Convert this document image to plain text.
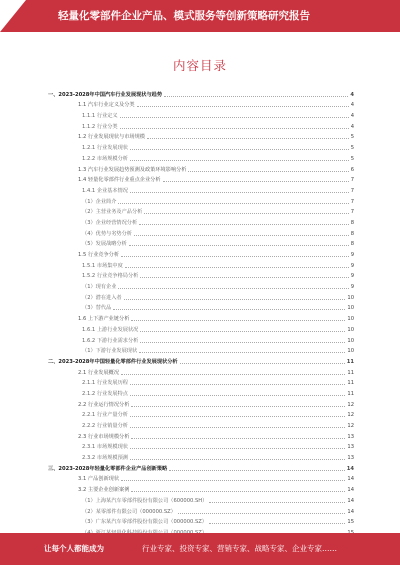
轻量化零部件企业产品、模式服务等创新策略研究报告
内容目录
一、2023-2028年中国汽车行业发展现状与趋势	4
1.1 汽车行业定义及分类	4
1.1.1 行业定义	4
1.1.2 行业分类	4
1.2 行业发展现状与市场规模	5
1.2.1 行业发展现状	5
1.2.2 市场规模分析	5
1.3 汽车行业发展趋势预测及政策环境影响分析	6
1.4 轻量化零部件行业重点企业分析	7
1.4.1 企业基本情况	7
（1）企业简介	7
（2）主营业务及产品分析	7
（3）企业经营情况分析	8
（4）优势与劣势分析	8
（5）发展战略分析	8
1.5 行业竞争分析	9
1.5.1 市场集中度	9
1.5.2 行业竞争格局分析	9
（1）现有企业	9
（2）潜在进入者	10
（3）替代品	10
1.6 上下游产业链分析	10
1.6.1 上游行业发展状况	10
1.6.2 下游行业需求分析	10
（1）下游行业发展现状	10
二、2023-2028年中国轻量化零部件行业发展现状分析	11
2.1 行业发展概况	11
2.1.1 行业发展历程	11
2.1.2 行业发展特点	11
2.2 行业运行情况分析	12
2.2.1 行业产量分析	12
2.2.2 行业销量分析	12
2.3 行业市场规模分析	13
2.3.1 市场规模现状	13
2.3.2 市场规模预测	13
三、2023-2028年轻量化零部件企业产品创新策略	14
3.1 产品创新现状	14
3.2 主要企业创新案例	14
（1）上海某汽车零部件股份有限公司（600000.SH）	14
（2）某零部件有限公司（000000.SZ）	14
（3）广东某汽车零部件股份有限公司（000000.SZ）	15
让每个人都能成为	行业专家、投资专家、营销专家、战略专家、企业专家……
